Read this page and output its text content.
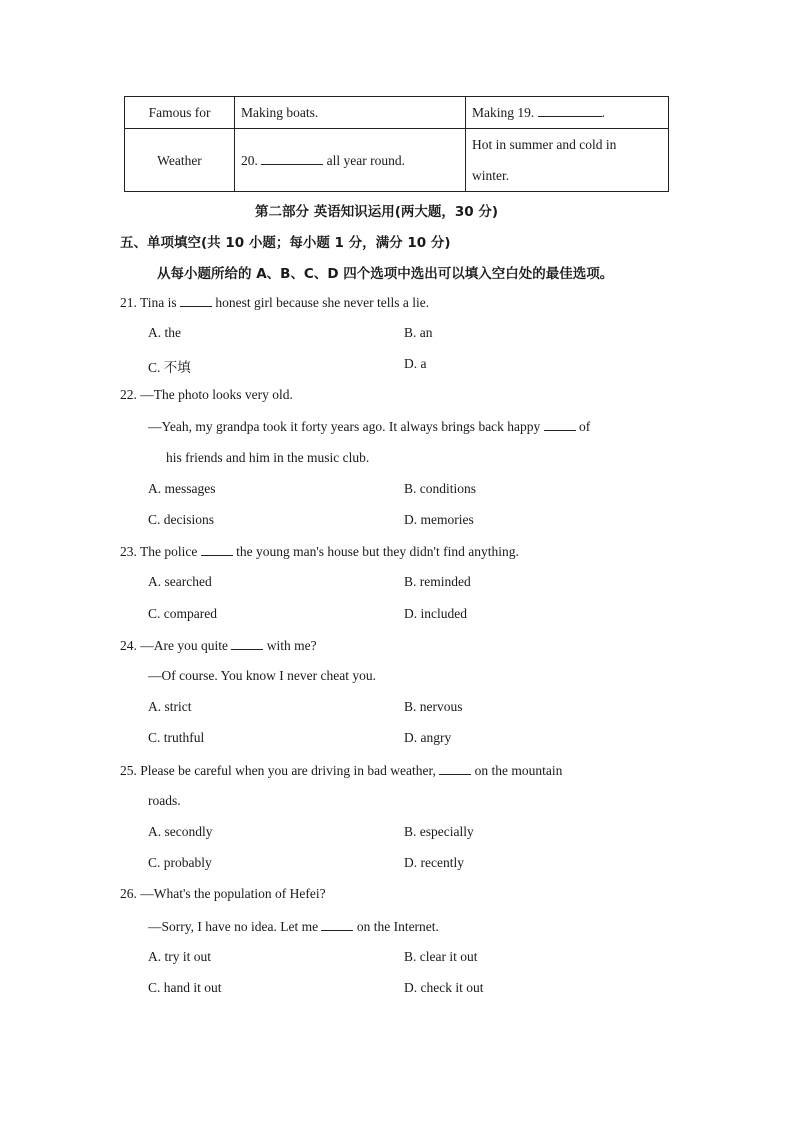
Famous for	Making boats.	Making 19. .
Weather	20. all year round.	Hot in summer and cold in
winter.
第二部分 英语知识运用(两大题，30 分)
五、单项填空(共 10 小题；每小题 1 分，满分 10 分)
从每小题所给的 A、B、C、D 四个选项中选出可以填入空白处的最佳选项。
21. Tina is	honest girl because she never tells a lie.
A. the	B. an
C. 不填	D. a
22. —The photo looks very old.
—Yeah, my grandpa took it forty years ago. It always brings back happy	of
his friends and him in the music club.
A. messages	B. conditions
C. decisions	D. memories
23. The police	the young man's house but they didn't find anything.
A. searched	B. reminded
C. compared	D. included
24. —Are you quite	with me?
—Of course. You know I never cheat you.
A. strict	B. nervous
C. truthful	D. angry
25. Please be careful when you are driving in bad weather,	on the mountain
roads.
A. secondly	B. especially
C. probably	D. recently
26. —What's the population of Hefei?
—Sorry, I have no idea. Let me	on the Internet.
A. try it out	B. clear it out
C. hand it out	D. check it out
